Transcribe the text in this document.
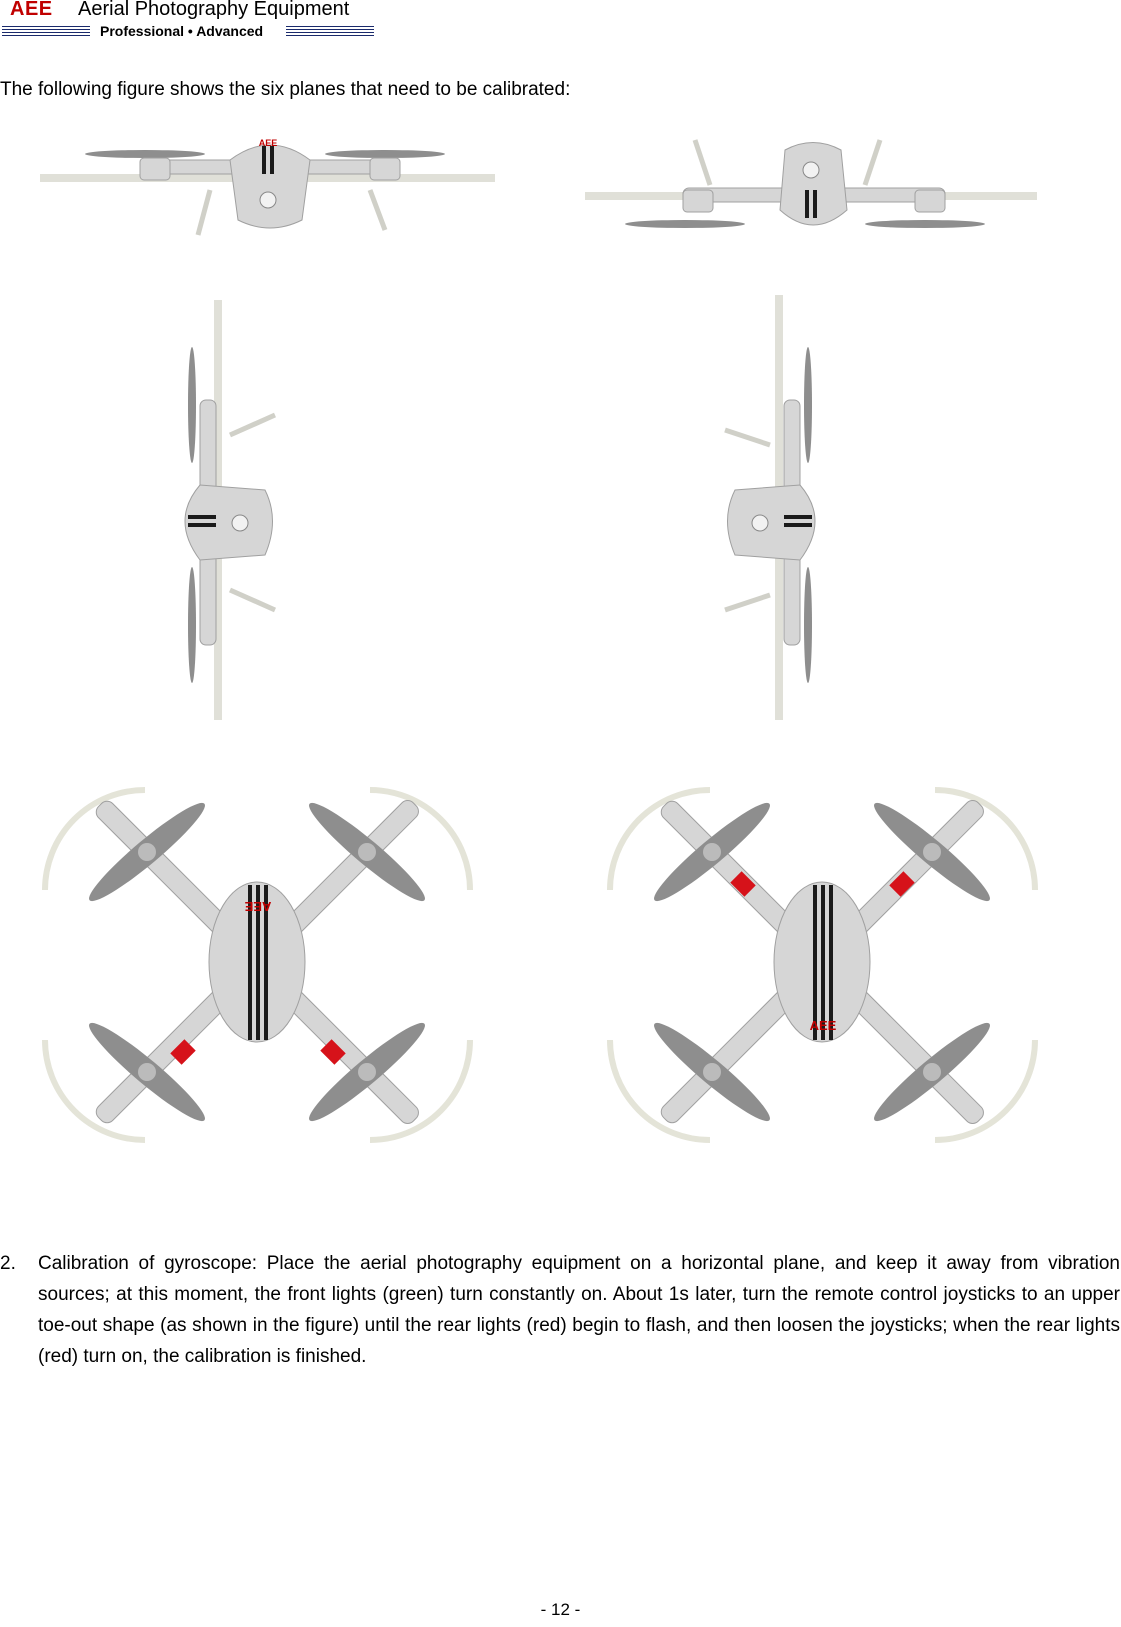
AEE Aerial Photography Equipment
Professional • Advanced

The following figure shows the six planes that need to be calibrated:

AEE
AEE
AEE
2. Calibration of gyroscope: Place the aerial photography equipment on a horizontal plane, and keep it away from vibration sources; at this moment, the front lights (green) turn constantly on. About 1s later, turn the remote control joysticks to an upper toe-out shape (as shown in the figure) until the rear lights (red) begin to flash, and then loosen the joysticks; when the rear lights (red) turn on, the calibration is finished.
- 12 -
